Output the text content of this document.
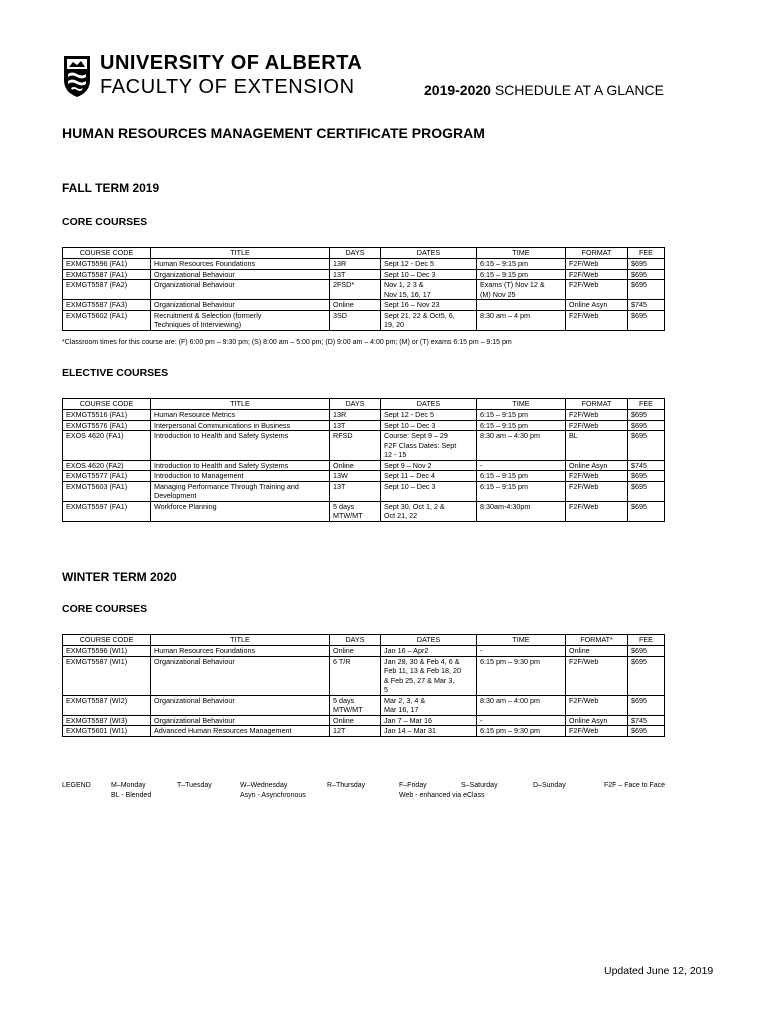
UNIVERSITY OF ALBERTA
FACULTY OF EXTENSION	2019-2020 SCHEDULE AT A GLANCE
HUMAN RESOURCES MANAGEMENT CERTIFICATE PROGRAM
FALL TERM 2019
CORE COURSES
COURSE CODE	TITLE	DAYS	DATES	TIME	FORMAT	FEE
EXMGT5596 (FA1)	Human Resources Foundations	13R	Sept 12 - Dec 5	6:15 – 9:15 pm	F2F/Web	$695
EXMGT5587 (FA1)	Organizational Behaviour	13T	Sept 10 – Dec 3	6:15 – 9:15 pm	F2F/Web	$695
EXMGT5587 (FA2)	Organizational Behaviour	2FSD*	Nov 1, 2 3 &
Nov 15, 16, 17	Exams (T) Nov 12 &
(M) Nov 25	F2F/Web	$695
EXMGT5587 (FA3)	Organizational Behaviour	Online	Sept 16 – Nov 23		Online Asyn	$745
EXMGT5602 (FA1)	Recruitment & Selection (formerly
Techniques of Interviewing)	3SD	Sept 21, 22 & Oct5, 6,
19, 20	8:30 am – 4 pm	F2F/Web	$695
*Classroom times for this course are: (F) 6:00 pm – 9:30 pm; (S) 8:00 am – 5:00 pm; (D) 9:00 am – 4:00 pm; (M) or (T) exams 6:15 pm – 9:15 pm
ELECTIVE COURSES
COURSE CODE	TITLE	DAYS	DATES	TIME	FORMAT	FEE
EXMGT5516 (FA1)	Human Resource Metrics	13R	Sept 12 - Dec 5	6:15 – 9:15 pm	F2F/Web	$695
EXMGT5576 (FA1)	Interpersonal Communications in Business	13T	Sept 10 – Dec 3	6:15 – 9:15 pm	F2F/Web	$695
EXOS 4620 (FA1)	Introduction to Health and Safety Systems	RFSD	Course: Sept 9 – 29
F2F Class Dates: Sept
12 - 15	8:30 am – 4:30 pm	BL	$695
EXOS 4620 (FA2)	Introduction to Health and Safety Systems	Online	Sept 9 – Nov 2	-	Online Asyn	$745
EXMGT5577 (FA1)	Introduction to Management	13W	Sept 11 – Dec 4	6:15 – 9:15 pm	F2F/Web	$695
EXMGT5603 (FA1)	Managing Performance Through Training and
Development	13T	Sept 10 – Dec 3	6:15 – 9:15 pm	F2F/Web	$695
EXMGT5597 (FA1)	Workforce Planning	5 days
MTW/MT	Sept 30, Oct 1, 2 &
Oct 21, 22	8:30am-4:30pm	F2F/Web	$695
WINTER TERM 2020
CORE COURSES
COURSE CODE	TITLE	DAYS	DATES	TIME	FORMAT*	FEE
EXMGT5596 (WI1)	Human Resources Foundations	Online	Jan 16 – Apr2	-	Online	$695
EXMGT5587 (WI1)	Organizational Behaviour	6 T/R	Jan 28, 30 & Feb 4, 6 &
Feb 11, 13 & Feb 18, 20
& Feb 25, 27 & Mar 3,
5	6:15 pm – 9:30 pm	F2F/Web	$695
EXMGT5587 (WI2)	Organizational Behaviour	5 days
MTW/MT	Mar 2, 3, 4 &
Mar 16, 17	8:30 am – 4:00 pm	F2F/Web	$695
EXMGT5587 (WI3)	Organizational Behaviour	Online	Jan 7 – Mar 16	-	Online Asyn	$745
EXMGT5601 (WI1)	Advanced Human Resources Management	12T	Jan 14 – Mar 31	6:15 pm – 9:30 pm	F2F/Web	$695
LEGEND	M–Monday
BL - Blended
T–Tuesday	W–Wednesday
Asyn - Asynchronous
R–Thursday	F–Friday
Web - enhanced via eClass
S–Saturday	D–Sunday	F2F – Face to Face
Updated June 12, 2019
